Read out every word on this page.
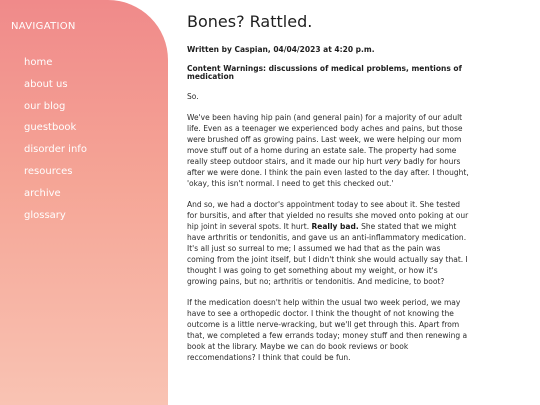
NAVIGATION
home
about us
our blog
guestbook
disorder info
resources
archive
glossary
Bones? Rattled.
Written by Caspian, 04/04/2023 at 4:20 p.m.
Content Warnings: discussions of medical problems, mentions of medication

So.

We've been having hip pain (and general pain) for a majority of our adult life. Even as a teenager we experienced body aches and pains, but those were brushed off as growing pains. Last week, we were helping our mom move stuff out of a home during an estate sale. The property had some really steep outdoor stairs, and it made our hip hurt very badly for hours after we were done. I think the pain even lasted to the day after. I thought, 'okay, this isn't normal. I need to get this checked out.'

And so, we had a doctor's appointment today to see about it. She tested for bursitis, and after that yielded no results she moved onto poking at our hip joint in several spots. It hurt. Really bad. She stated that we might have arthritis or tendonitis, and gave us an anti-inflammatory medication. It's all just so surreal to me; I assumed we had that as the pain was coming from the joint itself, but I didn't think she would actually say that. I thought I was going to get something about my weight, or how it's growing pains, but no; arthritis or tendonitis. And medicine, to boot?

If the medication doesn't help within the usual two week period, we may have to see a orthopedic doctor. I think the thought of not knowing the outcome is a little nerve-wracking, but we'll get through this. Apart from that, we completed a few errands today; money stuff and then renewing a book at the library. Maybe we can do book reviews or book reccomendations? I think that could be fun.
